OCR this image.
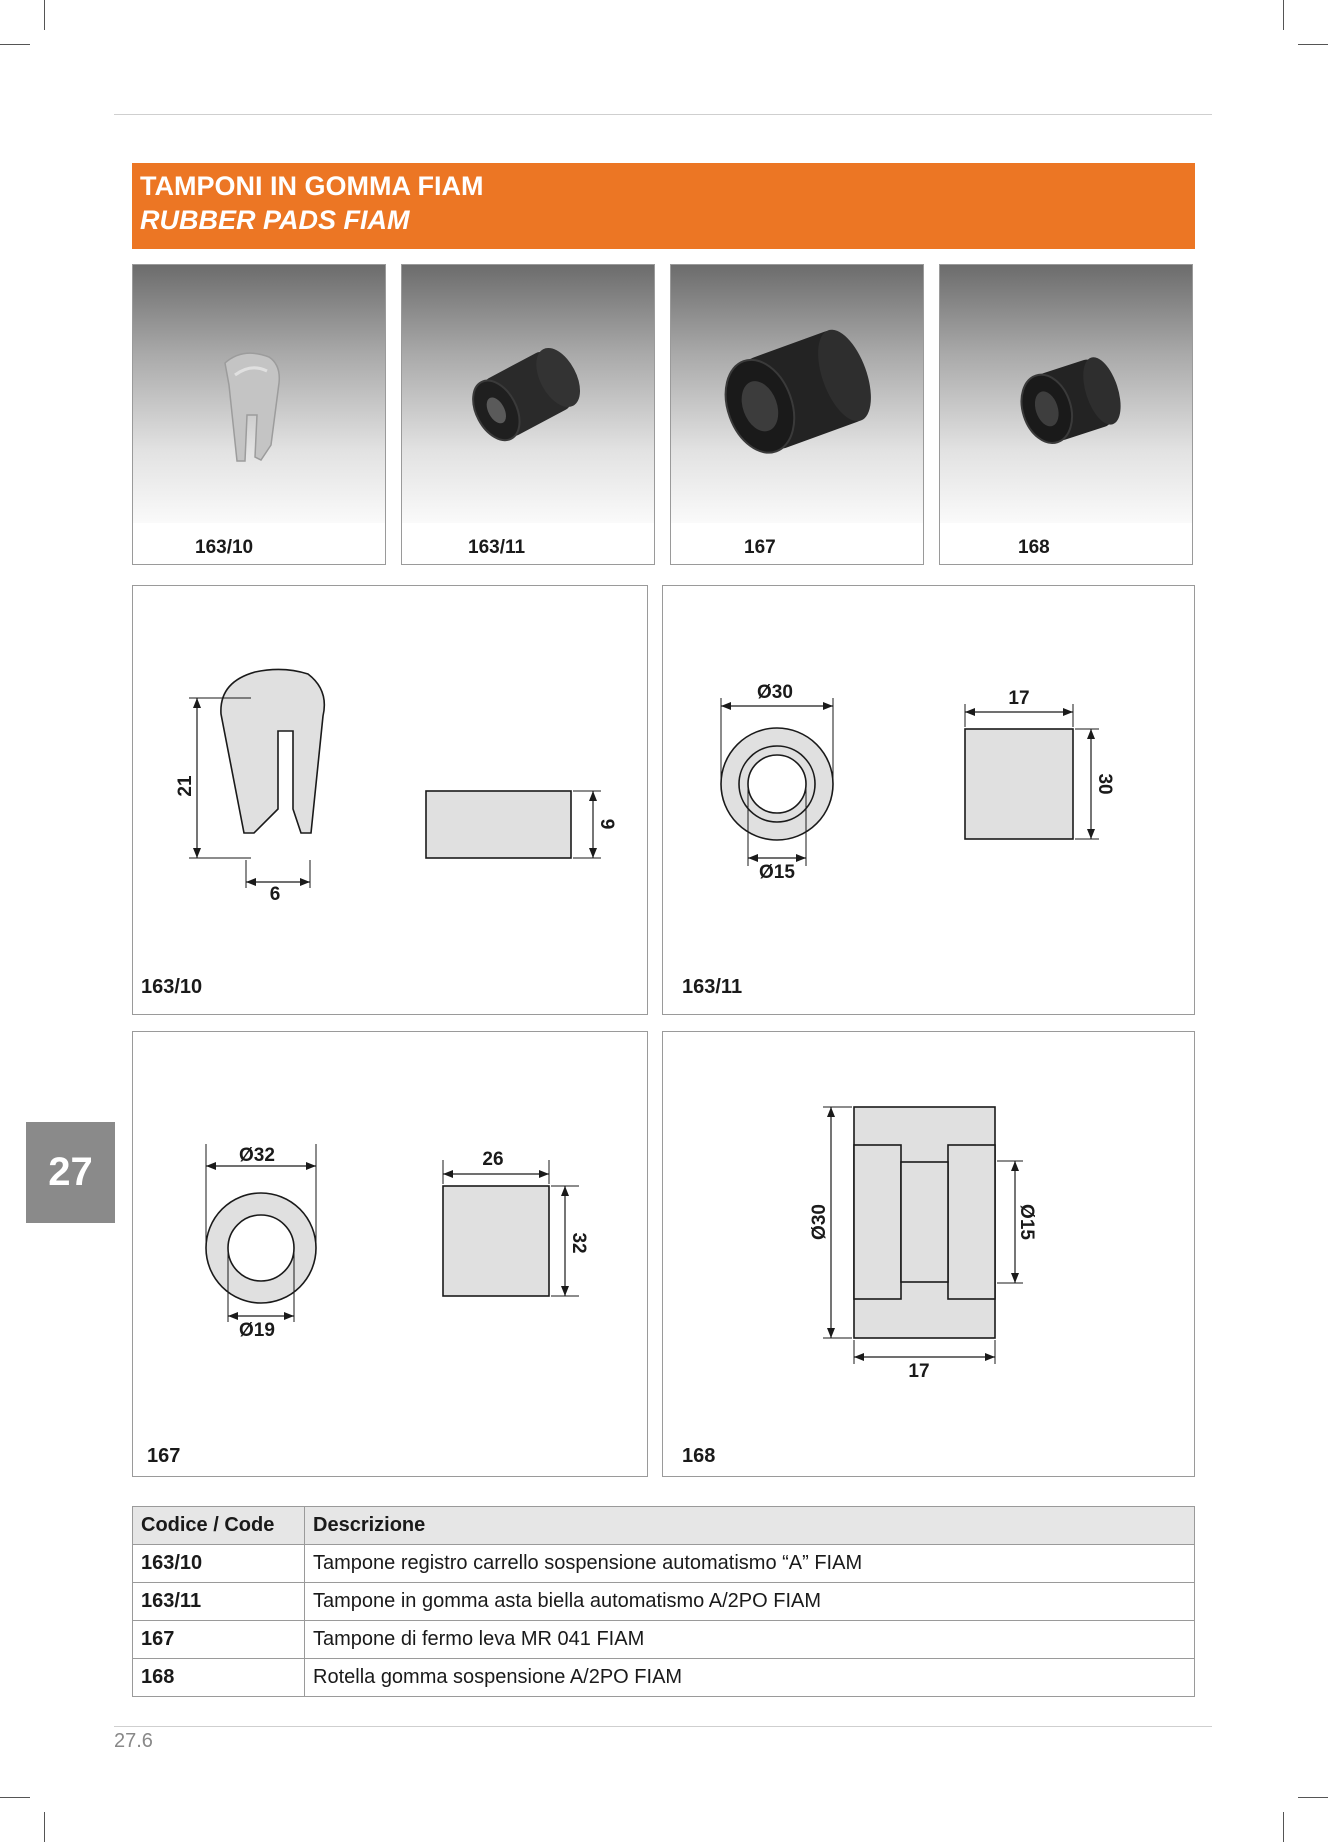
TAMPONI IN GOMMA FIAM
RUBBER PADS FIAM
163/10	163/11	167	168
21
6
9
163/10
Ø30
Ø15
17
30
163/11
Ø32
Ø19
26
32
167
Ø30	Ø15
17
168
27
Codice / Code	Descrizione
163/10	Tampone registro carrello sospensione automatismo “A” FIAM
163/11	Tampone in gomma asta biella automatismo A/2PO FIAM
167	Tampone di fermo leva MR 041 FIAM
168	Rotella gomma sospensione A/2PO FIAM
27.6
